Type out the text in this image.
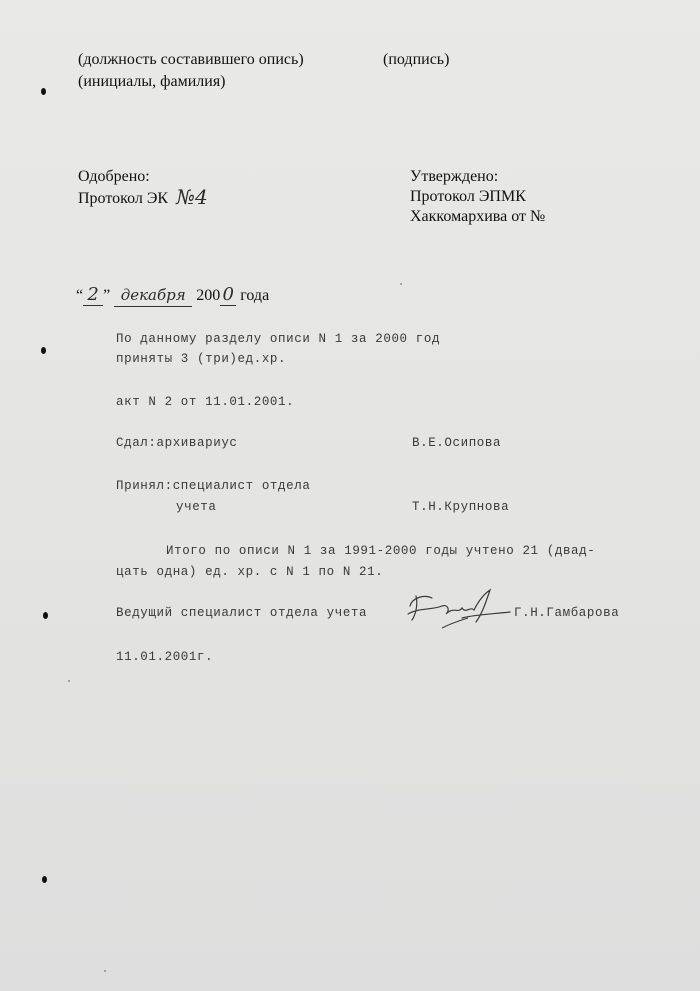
(должность составившего опись)	(подпись)
(инициалы, фамилия)
Одобрено:
Протокол ЭК №4
Утверждено:
Протокол ЭПМК
Хаккомархива от №
“ 2 ” декабря 200 0 года
По данному разделу описи N 1 за 2000 год
приняты 3 (три)ед.хр.
акт N 2 от 11.01.2001.
Сдал:архивариус	В.Е.Осипова
Принял:специалист отдела
учета	Т.Н.Крупнова
Итого по описи N 1 за 1991-2000 годы учтено 21 (двад-
цать одна) ед. хр. с N 1 по N 21.
Ведущий специалист отдела учета	Г.Н.Гамбарова
11.01.2001г.
